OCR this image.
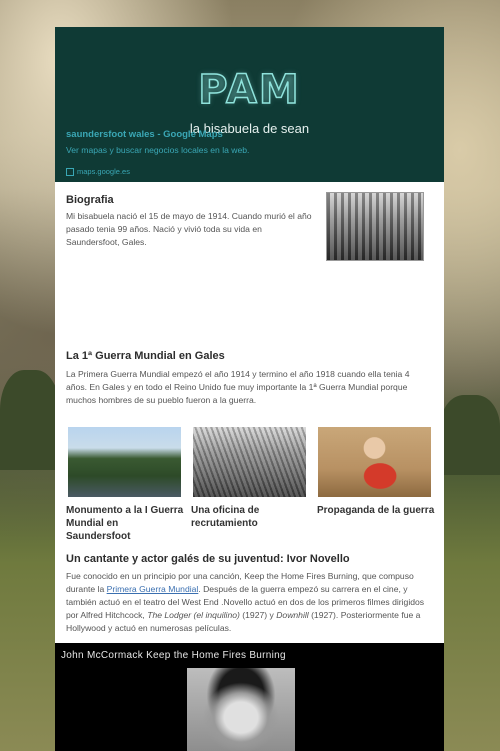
PAM
la bisabuela de sean
Biografia

Mi bisabuela nació el 15 de mayo de 1914. Cuando murió el año pasado tenia 99 años. Nació y vivió toda su vida en Saundersfoot, Gales.

saundersfoot wales - Google Maps
Ver mapas y buscar negocios locales en la web.
maps.google.es
La 1ª Guerra Mundial en Gales

La Primera Guerra Mundial empezó el año 1914 y termino el año 1918 cuando ella tenia 4 años. En Gales y en todo el Reino Unido fue muy importante la 1ª Guerra Mundial porque muchos hombres de su pueblo fueron a la guerra.

Monumento a la I Guerra Mundial en Saundersfoot
Una oficina de recrutamiento
Propaganda de la guerra
Un cantante y actor galés de su juventud: Ivor Novello

Fue conocido en un principio por una canción, Keep the Home Fires Burning, que compuso durante la Primera Guerra Mundial. Después de la guerra empezó su carrera en el cine, y también actuó en el teatro del West End .Novello actuó en dos de los primeros filmes dirigidos por Alfred Hitchcock, The Lodger (el inquilino) (1927) y Downhill (1927). Posteriormente fue a Hollywood y actuó en numerosas películas.

John McCormack Keep the Home Fires Burning
